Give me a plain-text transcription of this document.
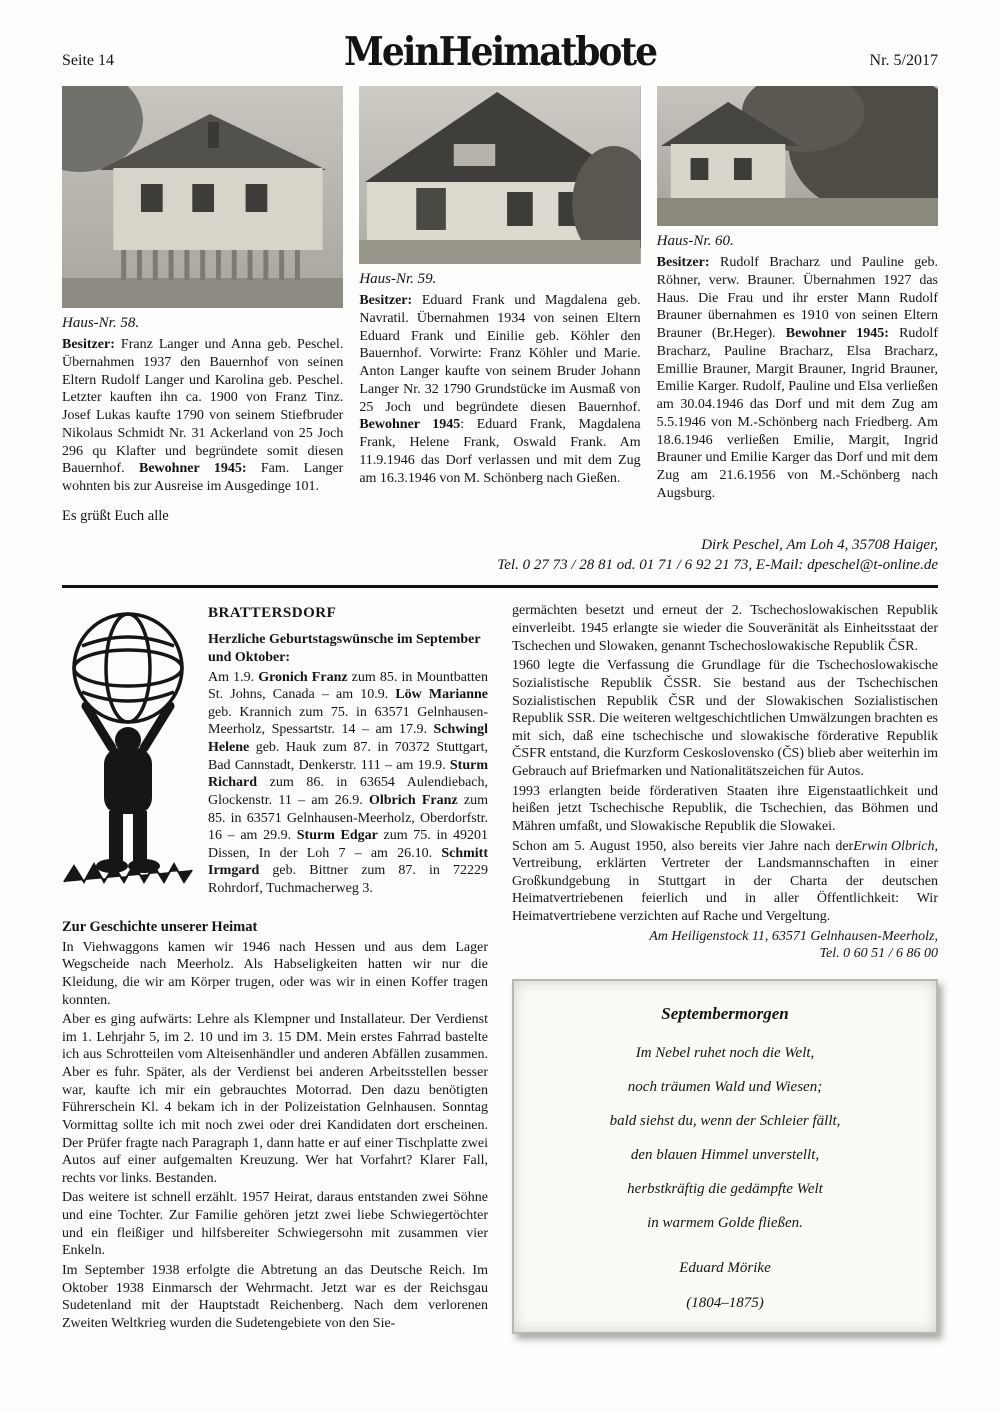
Seite 14	MeinHeimatbote	Nr. 5/2017
Haus-Nr. 58.

Besitzer: Franz Langer und Anna geb. Peschel. Übernahmen 1937 den Bauernhof von seinen Eltern Rudolf Langer und Karolina geb. Peschel. Letzter kauften ihn ca. 1900 von Franz Tinz. Josef Lukas kaufte 1790 von seinem Stiefbruder Nikolaus Schmidt Nr. 31 Ackerland von 25 Joch 296 qu Klafter und begründete somit diesen Bauernhof. Bewohner 1945: Fam. Langer wohnten bis zur Ausreise im Ausgedinge 101.

Es grüßt Euch alle

Haus-Nr. 59.

Besitzer: Eduard Frank und Magdalena geb. Navratil. Übernahmen 1934 von seinen Eltern Eduard Frank und Einilie geb. Köhler den Bauernhof. Vorwirte: Franz Köhler und Marie. Anton Langer kaufte von seinem Bruder Johann Langer Nr. 32 1790 Grundstücke im Ausmaß von 25 Joch und begründete diesen Bauernhof. Bewohner 1945: Eduard Frank, Magdalena Frank, Helene Frank, Oswald Frank. Am 11.9.1946 das Dorf verlassen und mit dem Zug am 16.3.1946 von M. Schönberg nach Gießen.

Haus-Nr. 60.

Besitzer: Rudolf Bracharz und Pauline geb. Röhner, verw. Brauner. Übernahmen 1927 das Haus. Die Frau und ihr erster Mann Rudolf Brauner übernahmen es 1910 von seinen Eltern Brauner (Br.Heger). Bewohner 1945: Rudolf Bracharz, Pauline Bracharz, Elsa Bracharz, Emillie Brauner, Margit Brauner, Ingrid Brauner, Emilie Karger. Rudolf, Pauline und Elsa verließen am 30.04.1946 das Dorf und mit dem Zug am 5.5.1946 von M.-Schönberg nach Friedberg. Am 18.6.1946 verließen Emilie, Margit, Ingrid Brauner und Emilie Karger das Dorf und mit dem Zug am 21.6.1956 von M.-Schönberg nach Augsburg.

Dirk Peschel, Am Loh 4, 35708 Haiger,
Tel. 0 27 73 / 28 81 od. 01 71 / 6 92 21 73, E-Mail: dpeschel@t-online.de
BRATTERSDORF

Herzliche Geburtstagswünsche im September und Oktober:

Am 1.9. Gronich Franz zum 85. in Mountbatten St. Johns, Canada – am 10.9. Löw Marianne geb. Krannich zum 75. in 63571 Gelnhausen-Meerholz, Spessartstr. 14 – am 17.9. Schwingl Helene geb. Hauk zum 87. in 70372 Stuttgart, Bad Cannstadt, Denkerstr. 111 – am 19.9. Sturm Richard zum 86. in 63654 Aulendiebach, Glockenstr. 11 – am 26.9. Olbrich Franz zum 85. in 63571 Gelnhausen-Meerholz, Oberdorfstr. 16 – am 29.9. Sturm Edgar zum 75. in 49201 Dissen, In der Loh 7 – am 26.10. Schmitt Irmgard geb. Bittner zum 87. in 72229 Rohrdorf, Tuchmacherweg 3.

Zur Geschichte unserer Heimat

In Viehwaggons kamen wir 1946 nach Hessen und aus dem Lager Wegscheide nach Meerholz. Als Habseligkeiten hatten wir nur die Kleidung, die wir am Körper trugen, oder was wir in einen Koffer tragen konnten.

Aber es ging aufwärts: Lehre als Klempner und Installateur. Der Verdienst im 1. Lehrjahr 5, im 2. 10 und im 3. 15 DM. Mein erstes Fahrrad bastelte ich aus Schrotteilen vom Alteisenhändler und anderen Abfällen zusammen. Aber es fuhr. Später, als der Verdienst bei anderen Arbeitsstellen besser war, kaufte ich mir ein gebrauchtes Motorrad. Den dazu benötigten Führerschein Kl. 4 bekam ich in der Polizeistation Gelnhausen. Sonntag Vormittag sollte ich mit noch zwei oder drei Kandidaten dort erscheinen. Der Prüfer fragte nach Paragraph 1, dann hatte er auf einer Tischplatte zwei Autos auf einer aufgemalten Kreuzung. Wer hat Vorfahrt? Klarer Fall, rechts vor links. Bestanden.

Das weitere ist schnell erzählt. 1957 Heirat, daraus entstanden zwei Söhne und eine Tochter. Zur Familie gehören jetzt zwei liebe Schwiegertöchter und ein fleißiger und hilfsbereiter Schwiegersohn mit zusammen vier Enkeln.

Im September 1938 erfolgte die Abtretung an das Deutsche Reich. Im Oktober 1938 Einmarsch der Wehrmacht. Jetzt war es der Reichsgau Sudetenland mit der Hauptstadt Reichenberg. Nach dem verlorenen Zweiten Weltkrieg wurden die Sudetengebiete von den Sie-

germächten besetzt und erneut der 2. Tschechoslowakischen Republik einverleibt. 1945 erlangte sie wieder die Souveränität als Einheitsstaat der Tschechen und Slowaken, genannt Tschechoslowakische Republik ČSR.

1960 legte die Verfassung die Grundlage für die Tschechoslowakische Sozialistische Republik ČSSR. Sie bestand aus der Tschechischen Sozialistischen Republik ČSR und der Slowakischen Sozialistischen Republik SSR. Die weiteren weltgeschichtlichen Umwälzungen brachten es mit sich, daß eine tschechische und slowakische förderative Republik ČSFR entstand, die Kurzform Ceskoslovensko (ČS) blieb aber weiterhin im Gebrauch auf Briefmarken und Nationalitätszeichen für Autos.

1993 erlangten beide förderativen Staaten ihre Eigenstaatlichkeit und heißen jetzt Tschechische Republik, die Tschechien, das Böhmen und Mähren umfaßt, und Slowakische Republik die Slowakei.

Erwin Olbrich,
Schon am 5. August 1950, also bereits vier Jahre nach der Vertreibung, erklärten Vertreter der Landsmannschaften in einer Großkundgebung in Stuttgart in der Charta der deutschen Heimatvertriebenen feierlich und in aller Öffentlichkeit: Wir Heimatvertriebene verzichten auf Rache und Vergeltung.

Am Heiligenstock 11, 63571 Gelnhausen-Meerholz,
Tel. 0 60 51 / 6 86 00
Septembermorgen
Im Nebel ruhet noch die Welt,
noch träumen Wald und Wiesen;
bald siehst du, wenn der Schleier fällt,
den blauen Himmel unverstellt,
herbstkräftig die gedämpfte Welt
in warmem Golde fließen.
Eduard Mörike
(1804–1875)
